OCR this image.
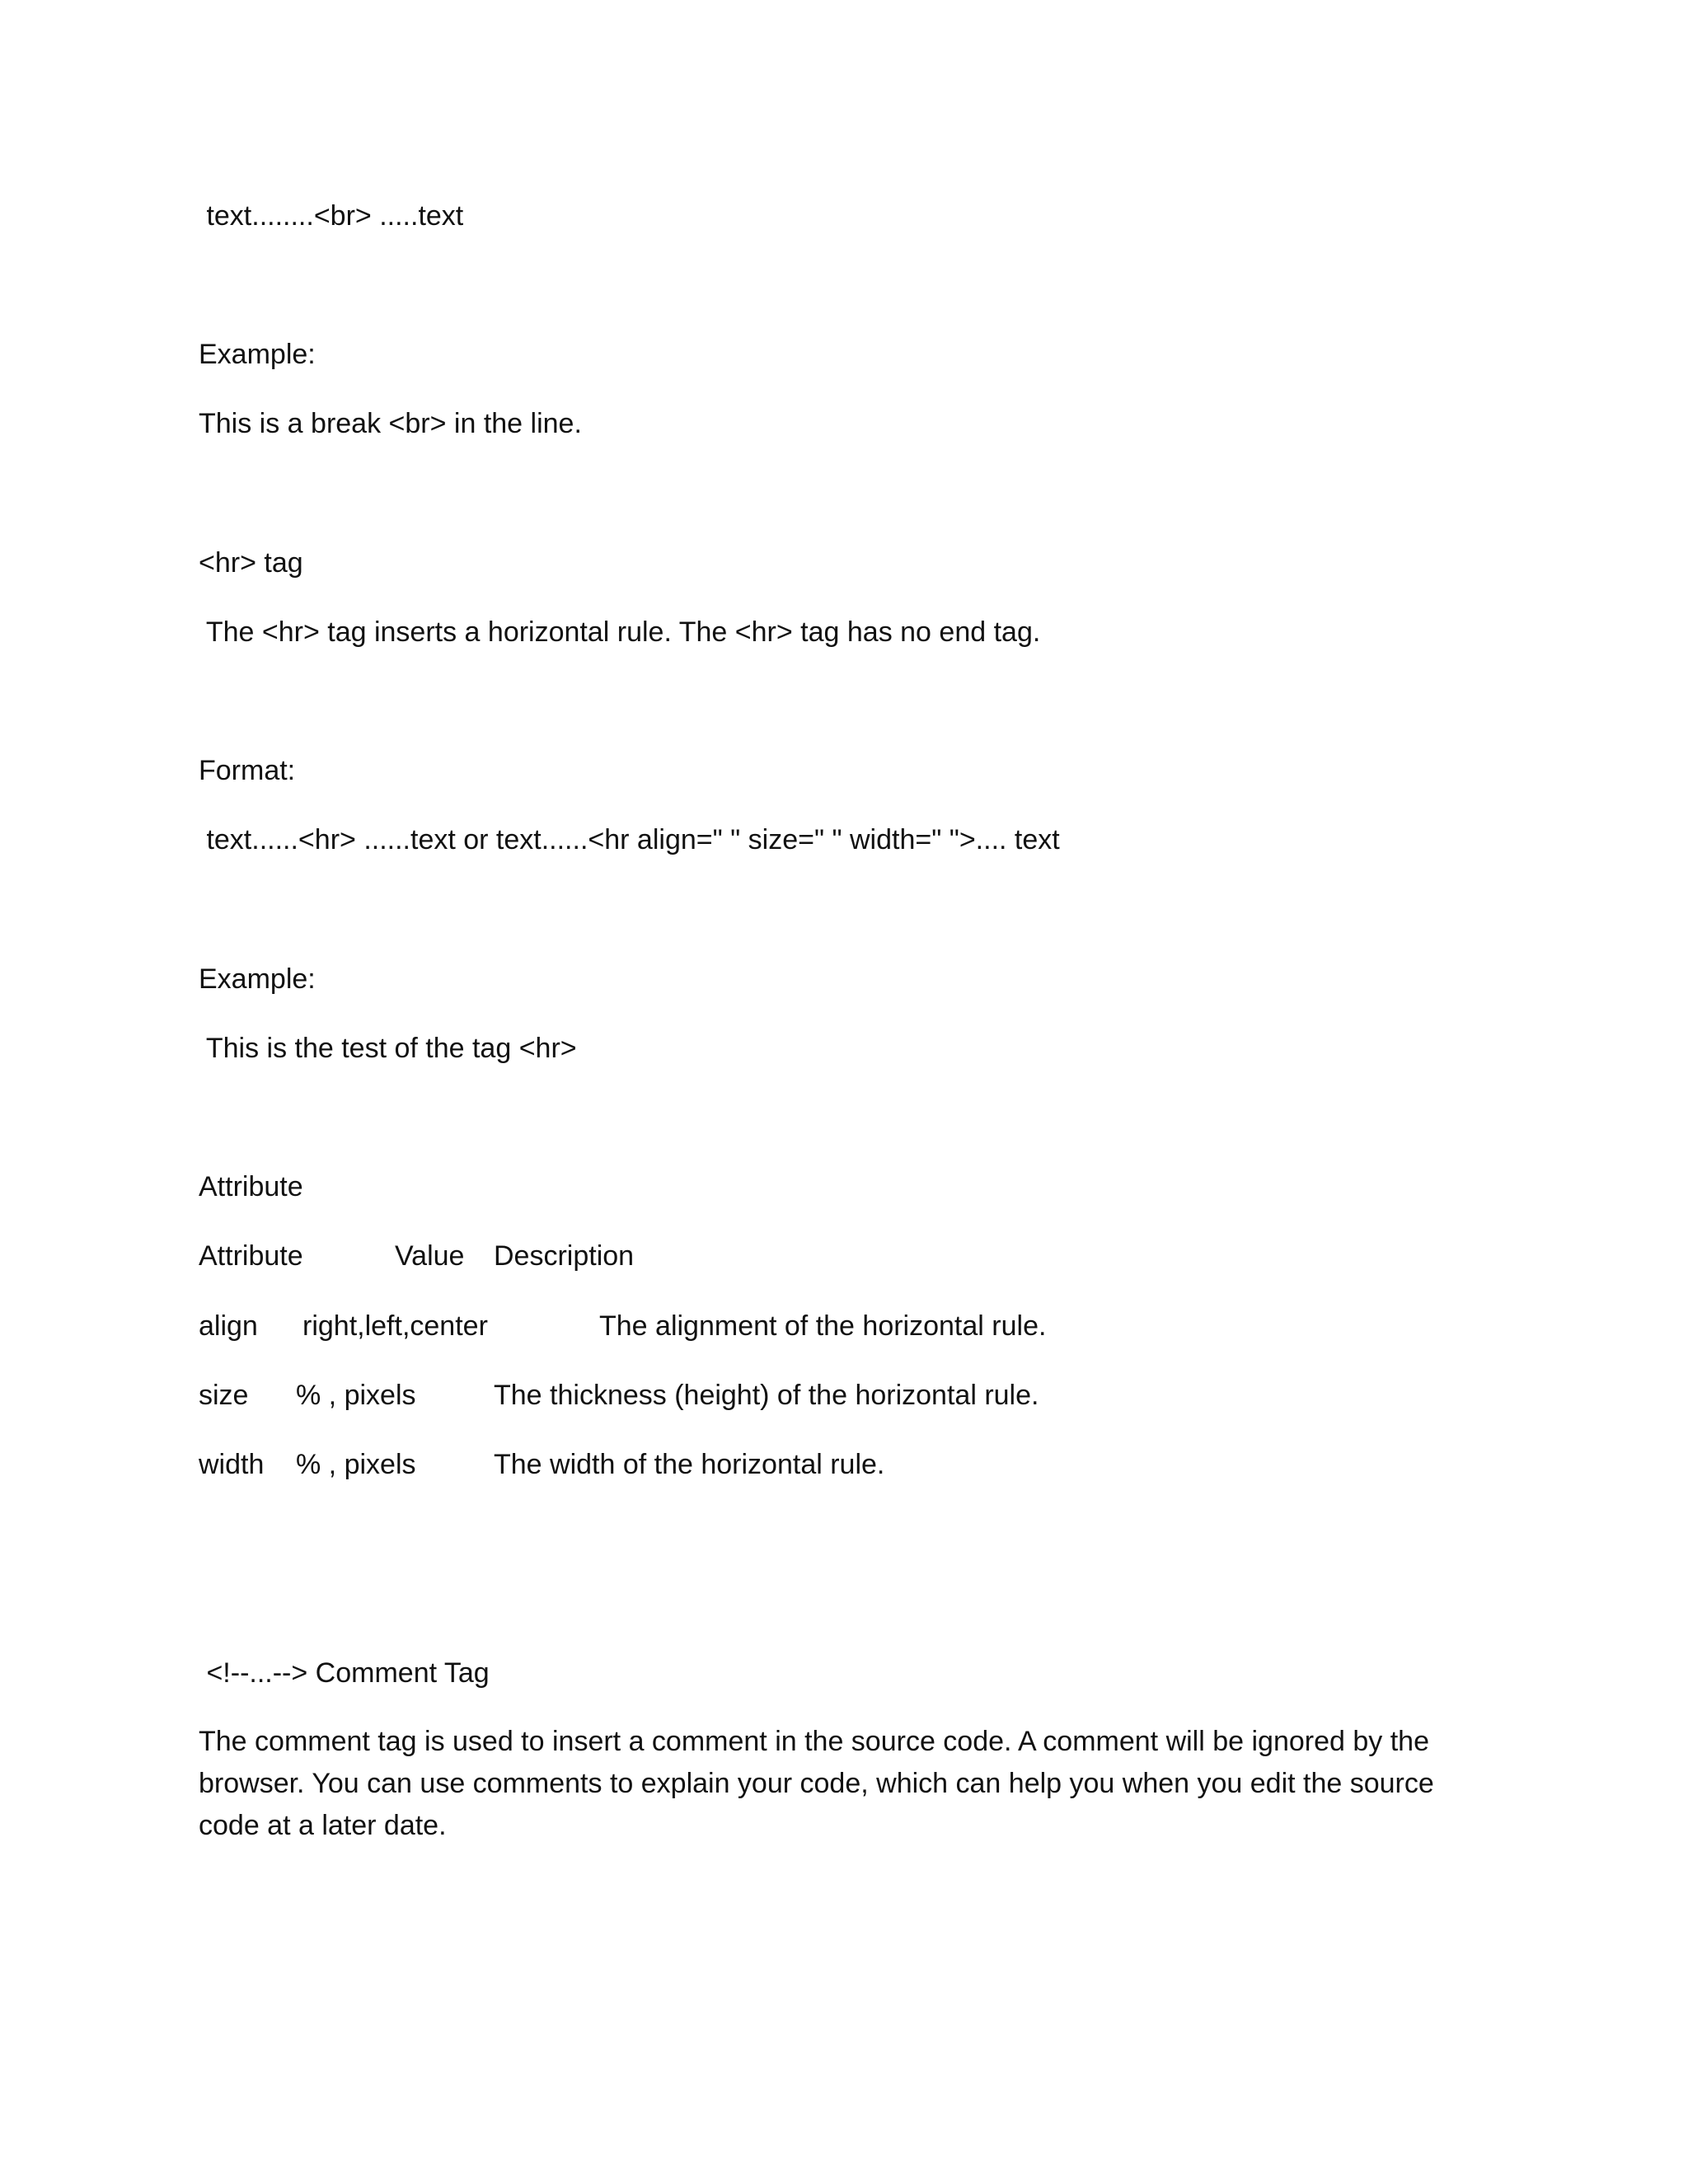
text........<br> .....text
Example:
This is a break <br> in the line.
<hr> tag
The <hr> tag inserts a horizontal rule. The <hr> tag has no end tag.
Format:
text......<hr> ......text or text......<hr align=" " size=" " width=" ">.... text
Example:
This is the test of the tag <hr>
Attribute
Attribute	Value Description
align right,left,center	The alignment of the horizontal rule.
size % , pixels	The thickness (height) of the horizontal rule.
width % , pixels	The width of the horizontal rule.
<!--...--> Comment Tag
The comment tag is used to insert a comment in the source code. A comment will be ignored by the browser. You can use comments to explain your code, which can help you when you edit the source code at a later date.
